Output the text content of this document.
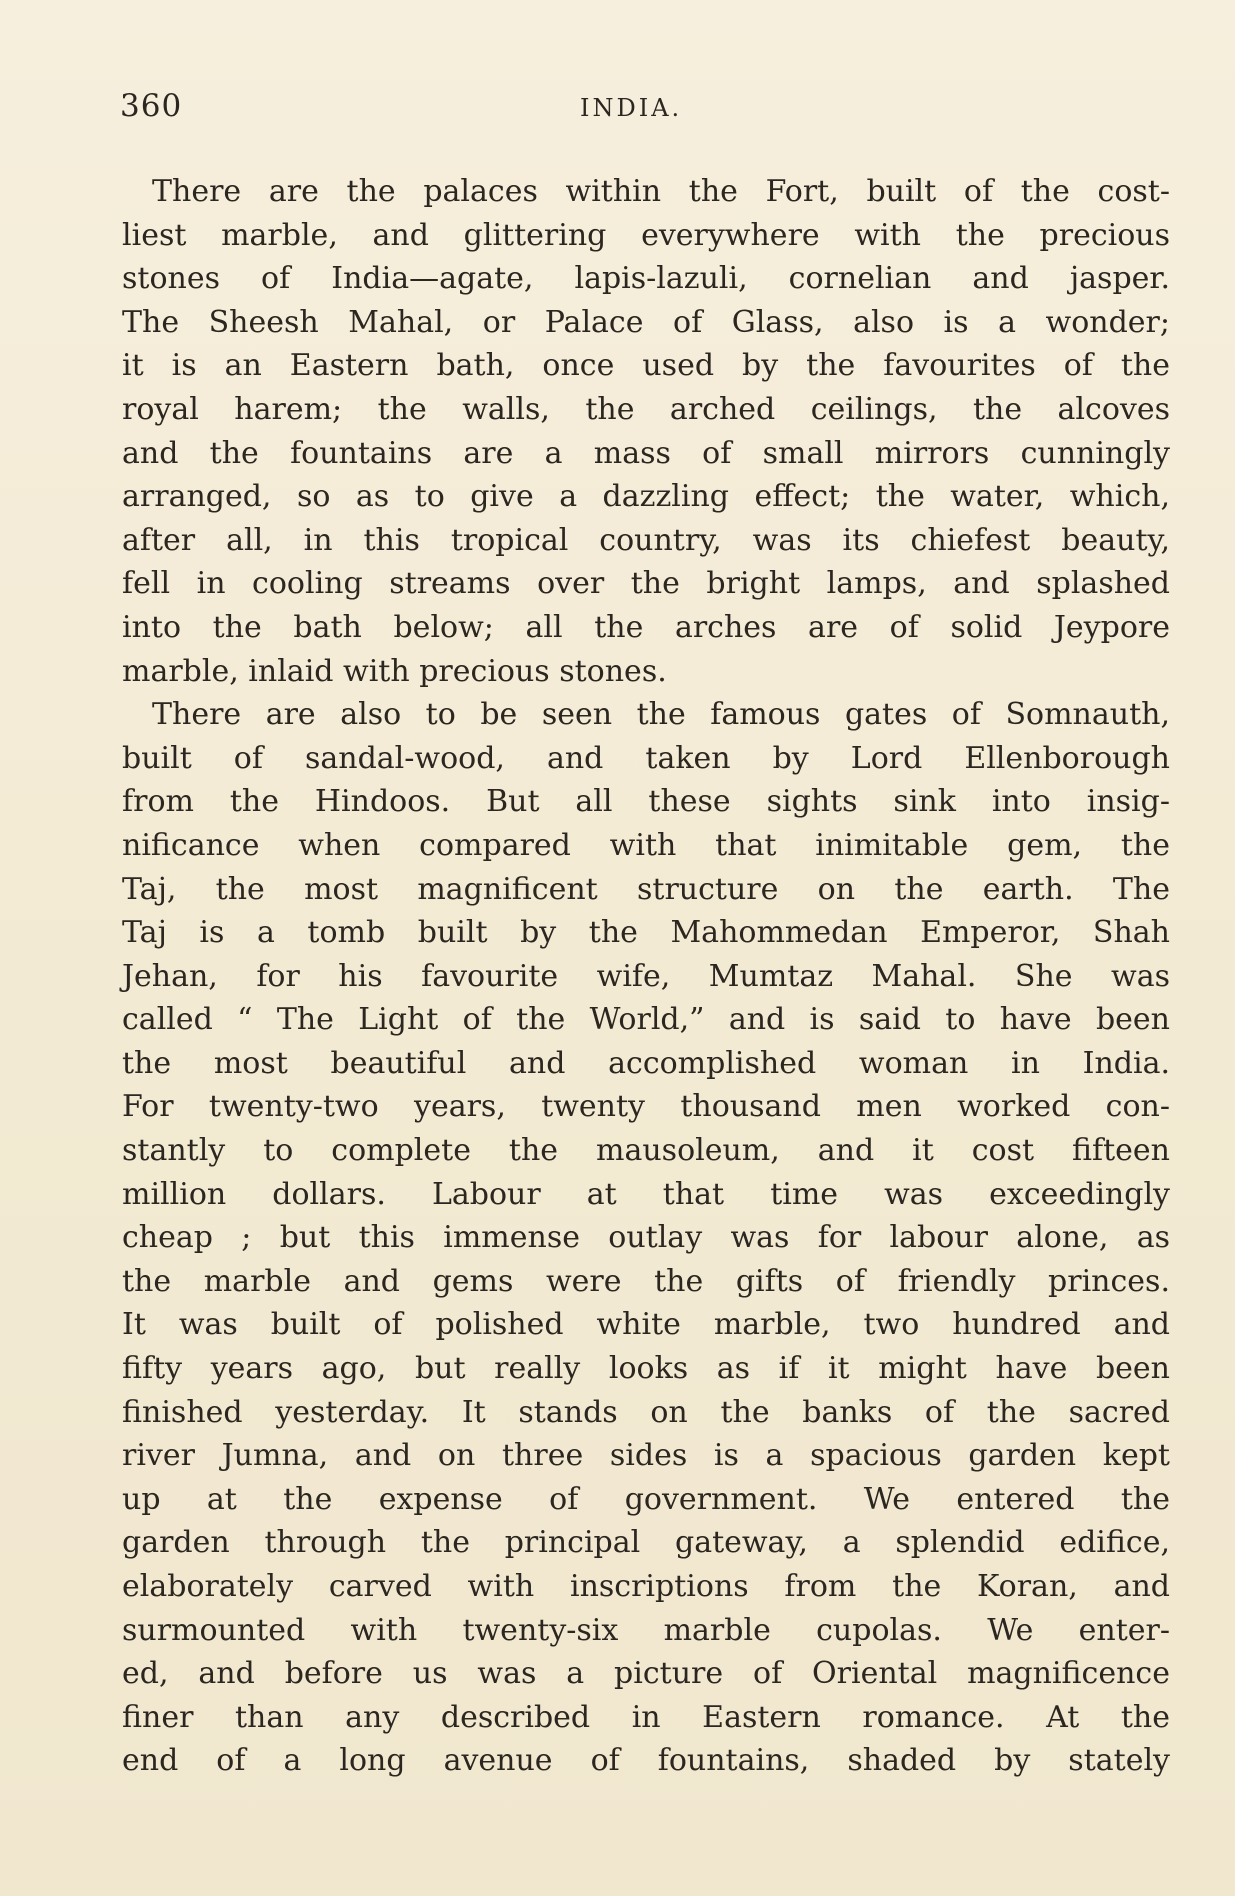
360	INDIA.
There are the palaces within the Fort, built of the cost-
liest marble, and glittering everywhere with the precious
stones of India—agate, lapis-lazuli, cornelian and jasper.
The Sheesh Mahal, or Palace of Glass, also is a wonder;
it is an Eastern bath, once used by the favourites of the
royal harem; the walls, the arched ceilings, the alcoves
and the fountains are a mass of small mirrors cunningly
arranged, so as to give a dazzling effect; the water, which,
after all, in this tropical country, was its chiefest beauty,
fell in cooling streams over the bright lamps, and splashed
into the bath below; all the arches are of solid Jeypore
marble, inlaid with precious stones.
There are also to be seen the famous gates of Somnauth,
built of sandal-wood, and taken by Lord Ellenborough
from the Hindoos. But all these sights sink into insig-
nificance when compared with that inimitable gem, the
Taj, the most magnificent structure on the earth. The
Taj is a tomb built by the Mahommedan Emperor, Shah
Jehan, for his favourite wife, Mumtaz Mahal. She was
called “ The Light of the World,” and is said to have been
the most beautiful and accomplished woman in India.
For twenty-two years, twenty thousand men worked con-
stantly to complete the mausoleum, and it cost fifteen
million dollars. Labour at that time was exceedingly
cheap ; but this immense outlay was for labour alone, as
the marble and gems were the gifts of friendly princes.
It was built of polished white marble, two hundred and
fifty years ago, but really looks as if it might have been
finished yesterday. It stands on the banks of the sacred
river Jumna, and on three sides is a spacious garden kept
up at the expense of government. We entered the
garden through the principal gateway, a splendid edifice,
elaborately carved with inscriptions from the Koran, and
surmounted with twenty-six marble cupolas. We enter-
ed, and before us was a picture of Oriental magnificence
finer than any described in Eastern romance. At the
end of a long avenue of fountains, shaded by stately
